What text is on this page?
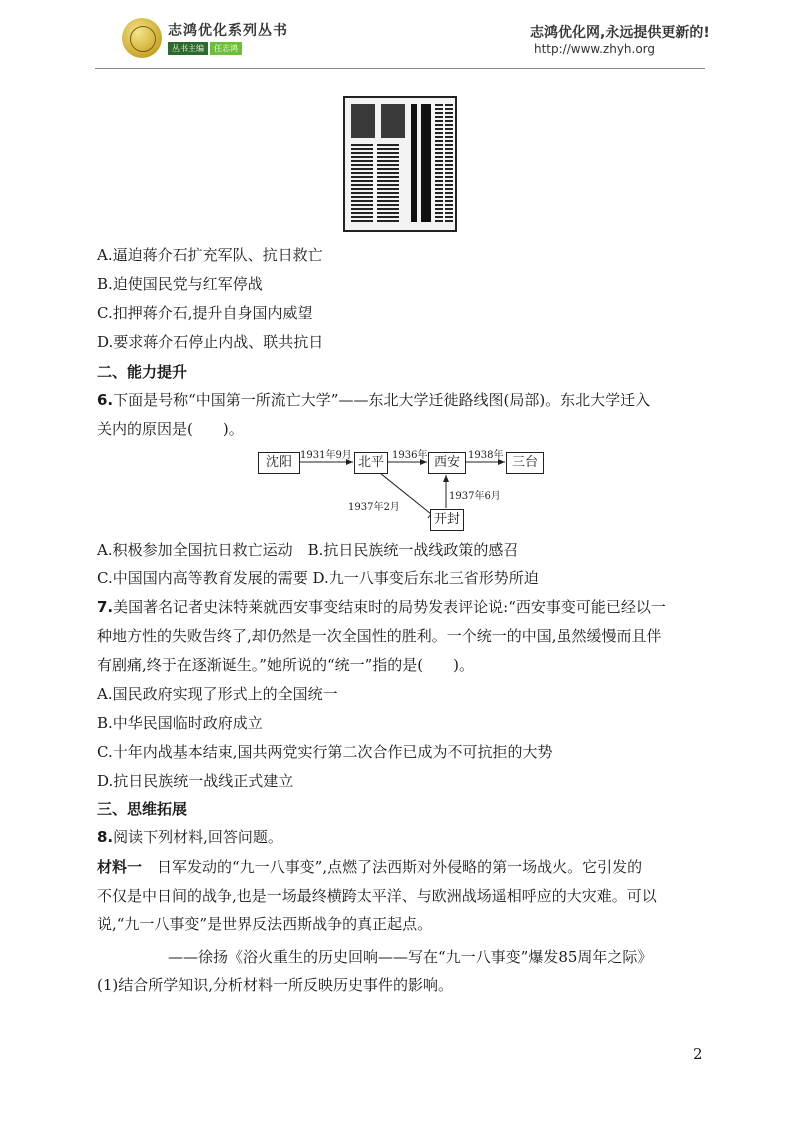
志鸿优化系列丛书
丛书主编	任志鸿
志鸿优化网,永远提供更新的!
http://www.zhyh.org
A.逼迫蒋介石扩充军队、抗日救亡
B.迫使国民党与红军停战
C.扣押蒋介石,提升自身国内威望
D.要求蒋介石停止内战、联共抗日
二、能力提升
6.下面是号称“中国第一所流亡大学”——东北大学迁徙路线图(局部)。东北大学迁入
关内的原因是(　　)。
沈阳	北平	西安	三台
开封
1931年9月	1936年	1938年
1937年2月
1937年6月
A.积极参加全国抗日救亡运动　B.抗日民族统一战线政策的感召
C.中国国内高等教育发展的需要 D.九一八事变后东北三省形势所迫
7.美国著名记者史沫特莱就西安事变结束时的局势发表评论说:“西安事变可能已经以一
种地方性的失败告终了,却仍然是一次全国性的胜利。一个统一的中国,虽然缓慢而且伴
有剧痛,终于在逐渐诞生。”她所说的“统一”指的是(　　)。
A.国民政府实现了形式上的全国统一
B.中华民国临时政府成立
C.十年内战基本结束,国共两党实行第二次合作已成为不可抗拒的大势
D.抗日民族统一战线正式建立
三、思维拓展
8.阅读下列材料,回答问题。
材料一　日军发动的“九一八事变”,点燃了法西斯对外侵略的第一场战火。它引发的
不仅是中日间的战争,也是一场最终横跨太平洋、与欧洲战场遥相呼应的大灾难。可以
说,“九一八事变”是世界反法西斯战争的真正起点。
——徐扬《浴火重生的历史回响——写在“九一八事变”爆发85周年之际》
(1)结合所学知识,分析材料一所反映历史事件的影响。
2
